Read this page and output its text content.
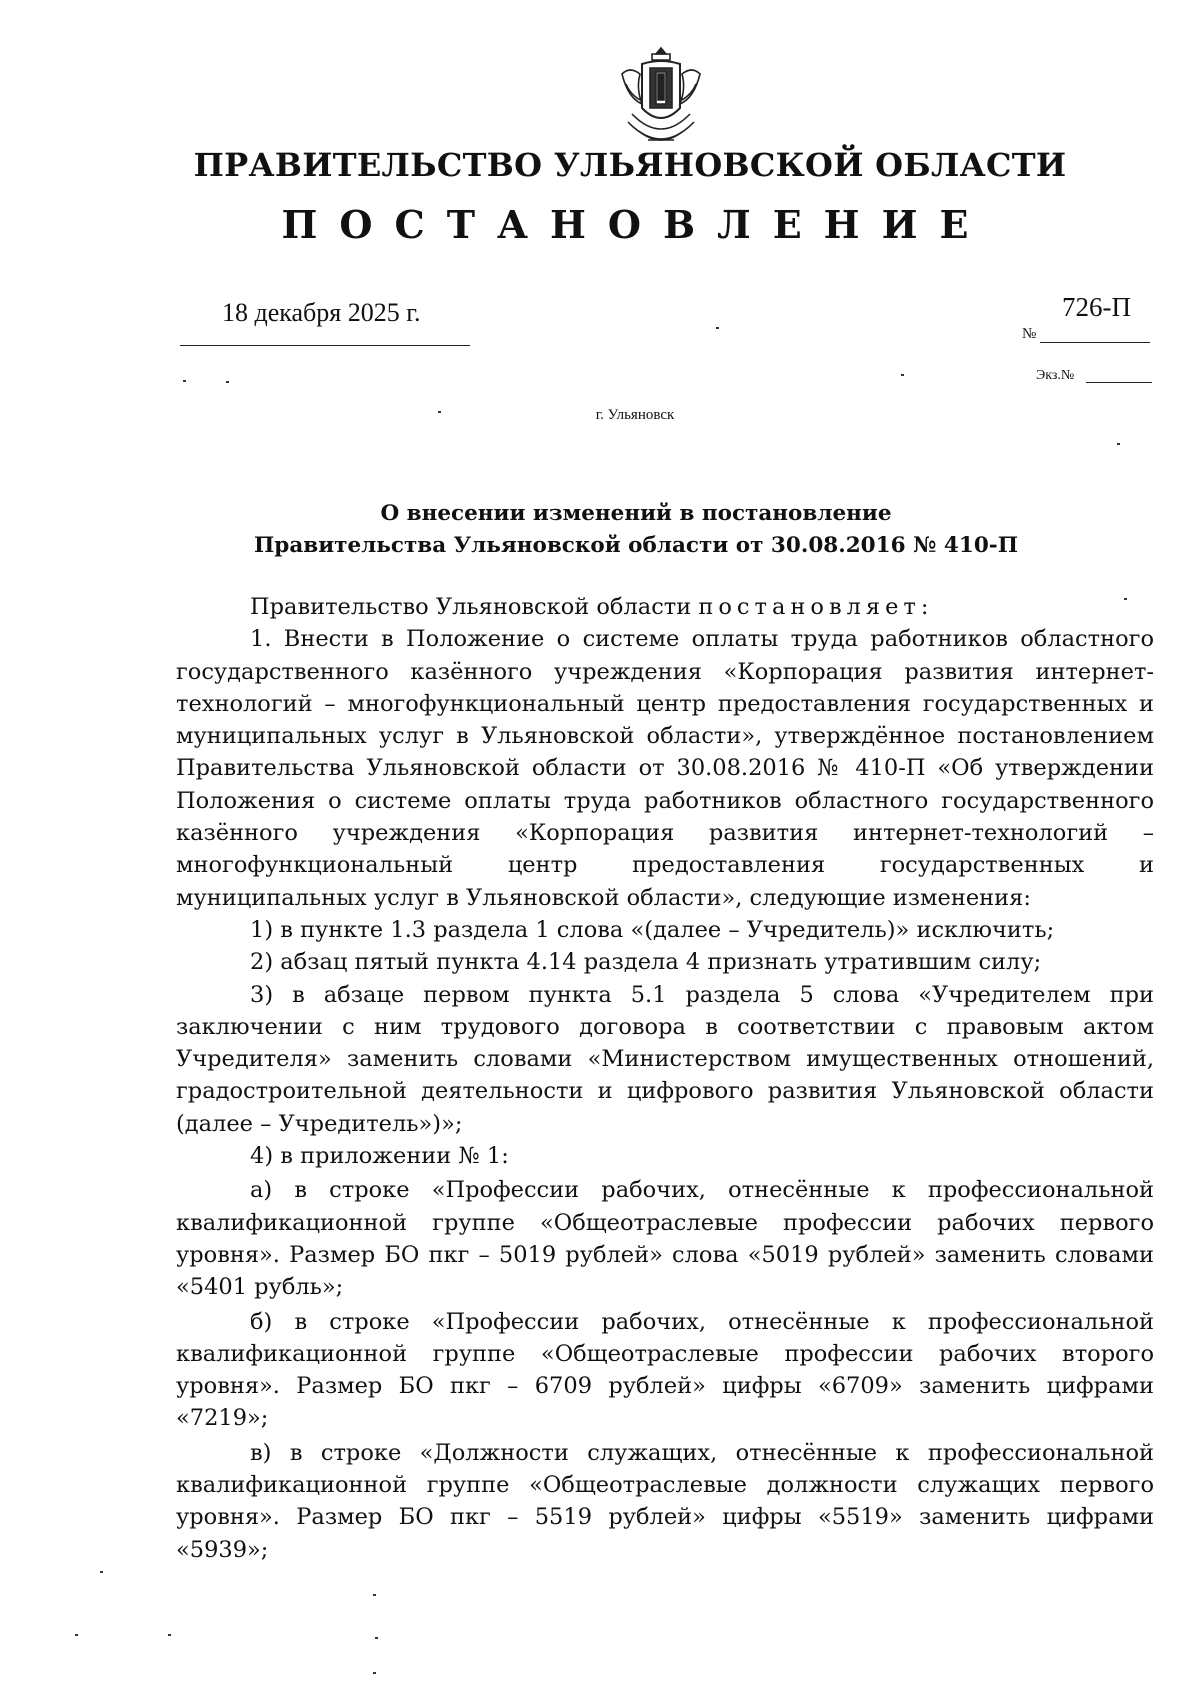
ПРАВИТЕЛЬСТВО УЛЬЯНОВСКОЙ ОБЛАСТИ
ПОСТАНОВЛЕНИЕ
18 декабря 2025 г.	726-П
№
Экз.№
г. Ульяновск
О внесении изменений в постановление
Правительства Ульяновской области от 30.08.2016 № 410-П

Правительство Ульяновской области постановляет:

1. Внести в Положение о системе оплаты труда работников областного государственного казённого учреждения «Корпорация развития интернет-технологий – многофункциональный центр предоставления государственных и муниципальных услуг в Ульяновской области», утверждённое постановлением Правительства Ульяновской области от 30.08.2016 № 410-П «Об утверждении Положения о системе оплаты труда работников областного государственного казённого учреждения «Корпорация развития интернет-технологий – многофункциональный центр предоставления государственных и муниципальных услуг в Ульяновской области», следующие изменения:

1) в пункте 1.3 раздела 1 слова «(далее – Учредитель)» исключить;

2) абзац пятый пункта 4.14 раздела 4 признать утратившим силу;

3) в абзаце первом пункта 5.1 раздела 5 слова «Учредителем при заключении с ним трудового договора в соответствии с правовым актом Учредителя» заменить словами «Министерством имущественных отношений, градостроительной деятельности и цифрового развития Ульяновской области (далее – Учредитель»)»;

4) в приложении № 1:

а) в строке «Профессии рабочих, отнесённые к профессиональной квалификационной группе «Общеотраслевые профессии рабочих первого уровня». Размер БО пкг – 5019 рублей» слова «5019 рублей» заменить словами «5401 рубль»;

б) в строке «Профессии рабочих, отнесённые к профессиональной квалификационной группе «Общеотраслевые профессии рабочих второго уровня». Размер БО пкг – 6709 рублей» цифры «6709» заменить цифрами «7219»;

в) в строке «Должности служащих, отнесённые к профессиональной квалификационной группе «Общеотраслевые должности служащих первого уровня». Размер БО пкг – 5519 рублей» цифры «5519» заменить цифрами «5939»;
